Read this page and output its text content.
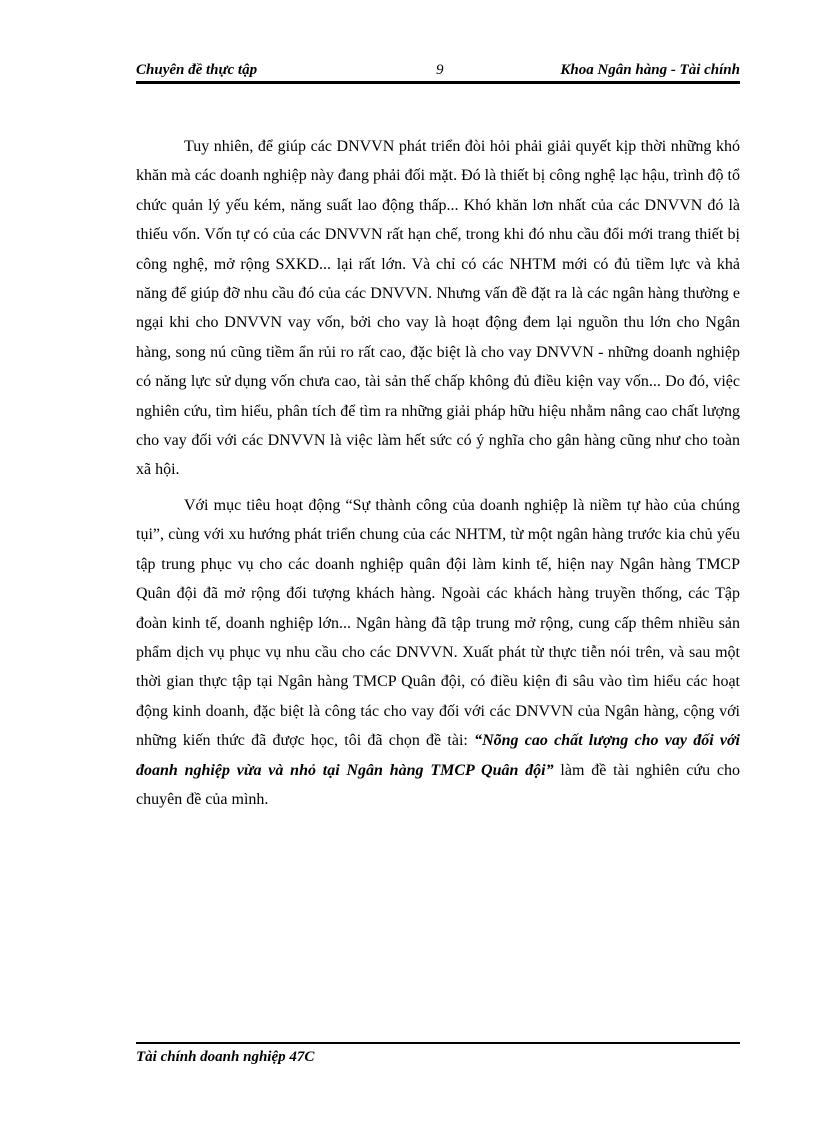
Chuyên đề thực tập	9	Khoa Ngân hàng - Tài chính

Tuy nhiên, để giúp các DNVVN phát triển đòi hỏi phải giải quyết kịp thời những khó khăn mà các doanh nghiệp này đang phải đối mặt. Đó là thiết bị công nghệ lạc hậu, trình độ tổ chức quản lý yếu kém, năng suất lao động thấp... Khó khăn lơn nhất của các DNVVN đó là thiếu vốn. Vốn tự có của các DNVVN rất hạn chế, trong khi đó nhu cầu đổi mới trang thiết bị công nghệ, mở rộng SXKD... lại rất lớn. Và chỉ có các NHTM mới có đủ tiềm lực và khả năng để giúp đỡ nhu cầu đó của các DNVVN. Nhưng vấn đề đặt ra là các ngân hàng thường e ngại khi cho DNVVN vay vốn, bởi cho vay là hoạt động đem lại nguồn thu lớn cho Ngân hàng, song nú cũng tiềm ẩn rủi ro rất cao, đặc biệt là cho vay DNVVN - những doanh nghiệp có năng lực sử dụng vốn chưa cao, tài sản thế chấp không đủ điều kiện vay vốn... Do đó, việc nghiên cứu, tìm hiểu, phân tích để tìm ra những giải pháp hữu hiệu nhằm nâng cao chất lượng cho vay đối với các DNVVN là việc làm hết sức có ý nghĩa cho gân hàng cũng như cho toàn xã hội.

Với mục tiêu hoạt động “Sự thành công của doanh nghiệp là niềm tự hào của chúng tụi”, cùng với xu hướng phát triển chung của các NHTM, từ một ngân hàng trước kia chủ yếu tập trung phục vụ cho các doanh nghiệp quân đội làm kinh tế, hiện nay Ngân hàng TMCP Quân đội đã mở rộng đối tượng khách hàng. Ngoài các khách hàng truyền thống, các Tập đoàn kinh tế, doanh nghiệp lớn... Ngân hàng đã tập trung mở rộng, cung cấp thêm nhiều sản phẩm dịch vụ phục vụ nhu cầu cho các DNVVN. Xuất phát từ thực tiễn nói trên, và sau một thời gian thực tập tại Ngân hàng TMCP Quân đội, có điều kiện đi sâu vào tìm hiểu các hoạt động kinh doanh, đặc biệt là công tác cho vay đối với các DNVVN của Ngân hàng, cộng với những kiến thức đã được học, tôi đã chọn đề tài: “Nõng cao chất lượng cho vay đối với đoanh nghiệp vừa và nhỏ tại Ngân hàng TMCP Quân đội” làm đề tài nghiên cứu cho chuyên đề của mình.

Tài chính doanh nghiệp 47C
